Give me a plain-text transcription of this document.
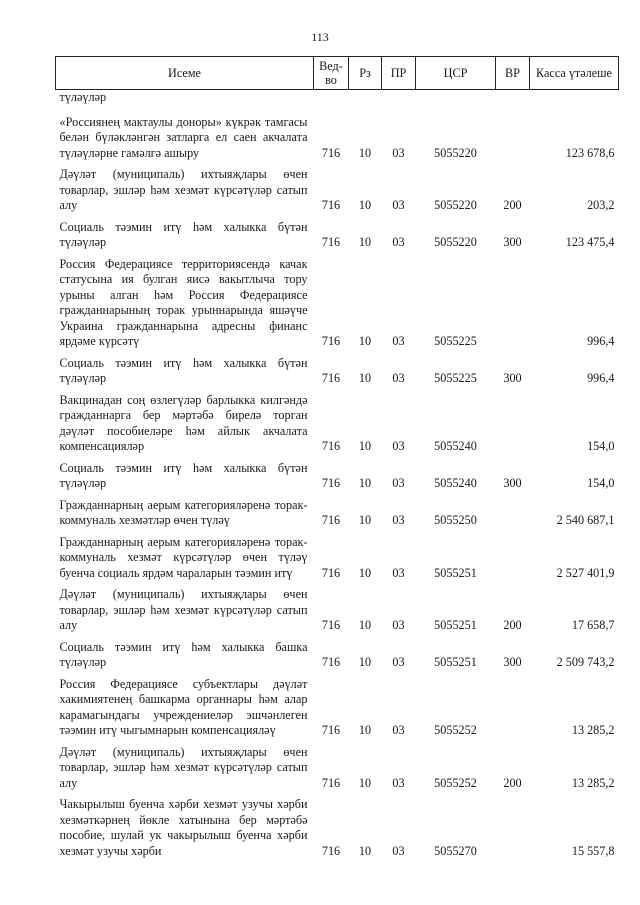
113
Исеме	Вед-во	Рз	ПР	ЦСР	ВР	Касса үтәлеше
түләүләр						
«Россиянең мактаулы доноры» күкрәк тамгасы белән бүләкләнгән затларга ел саен акчалата түләүләрне гамәлгә ашыру	716	10	03	5055220		123 678,6
Дәүләт (муниципаль) ихтыяҗлары өчен товарлар, эшләр һәм хезмәт күрсәтүләр сатып алу	716	10	03	5055220	200	203,2
Социаль тәэмин итү һәм халыкка бүтән түләүләр	716	10	03	5055220	300	123 475,4
Россия Федерациясе территориясендә качак статусына ия булган яисә вакытлыча тору урыны алган һәм Россия Федерациясе гражданнарының торак урыннарында яшәүче Украина гражданнарына адресны финанс ярдәме күрсәтү	716	10	03	5055225		996,4
Социаль тәэмин итү һәм халыкка бүтән түләүләр	716	10	03	5055225	300	996,4
Вакцинадан соң өзлегүләр барлыкка килгәндә гражданнарга бер мәртәбә бирелә торган дәүләт пособиеләре һәм айлык акчалата компенсацияләр	716	10	03	5055240		154,0
Социаль тәэмин итү һәм халыкка бүтән түләүләр	716	10	03	5055240	300	154,0
Гражданнарның аерым категорияләренә торак-коммуналь хезмәтләр өчен түләү	716	10	03	5055250		2 540 687,1
Гражданнарның аерым категорияләренә торак-коммуналь хезмәт күрсәтүләр өчен түләү буенча социаль ярдәм чараларын тәэмин итү	716	10	03	5055251		2 527 401,9
Дәүләт (муниципаль) ихтыяҗлары өчен товарлар, эшләр һәм хезмәт күрсәтүләр сатып алу	716	10	03	5055251	200	17 658,7
Социаль тәэмин итү һәм халыкка башка түләүләр	716	10	03	5055251	300	2 509 743,2
Россия Федерациясе субъектлары дәүләт хакимиятенең башкарма органнары һәм алар карамагындагы учреждениеләр эшчәнлеген тәэмин итү чыгымнарын компенсацияләү	716	10	03	5055252		13 285,2
Дәүләт (муниципаль) ихтыяҗлары өчен товарлар, эшләр һәм хезмәт күрсәтүләр сатып алу	716	10	03	5055252	200	13 285,2
Чакырылыш буенча хәрби хезмәт узучы хәрби хезмәткәрнең йөкле хатынына бер мәртәбә пособие, шулай ук чакырылыш буенча хәрби хезмәт узучы хәрби	716	10	03	5055270		15 557,8
